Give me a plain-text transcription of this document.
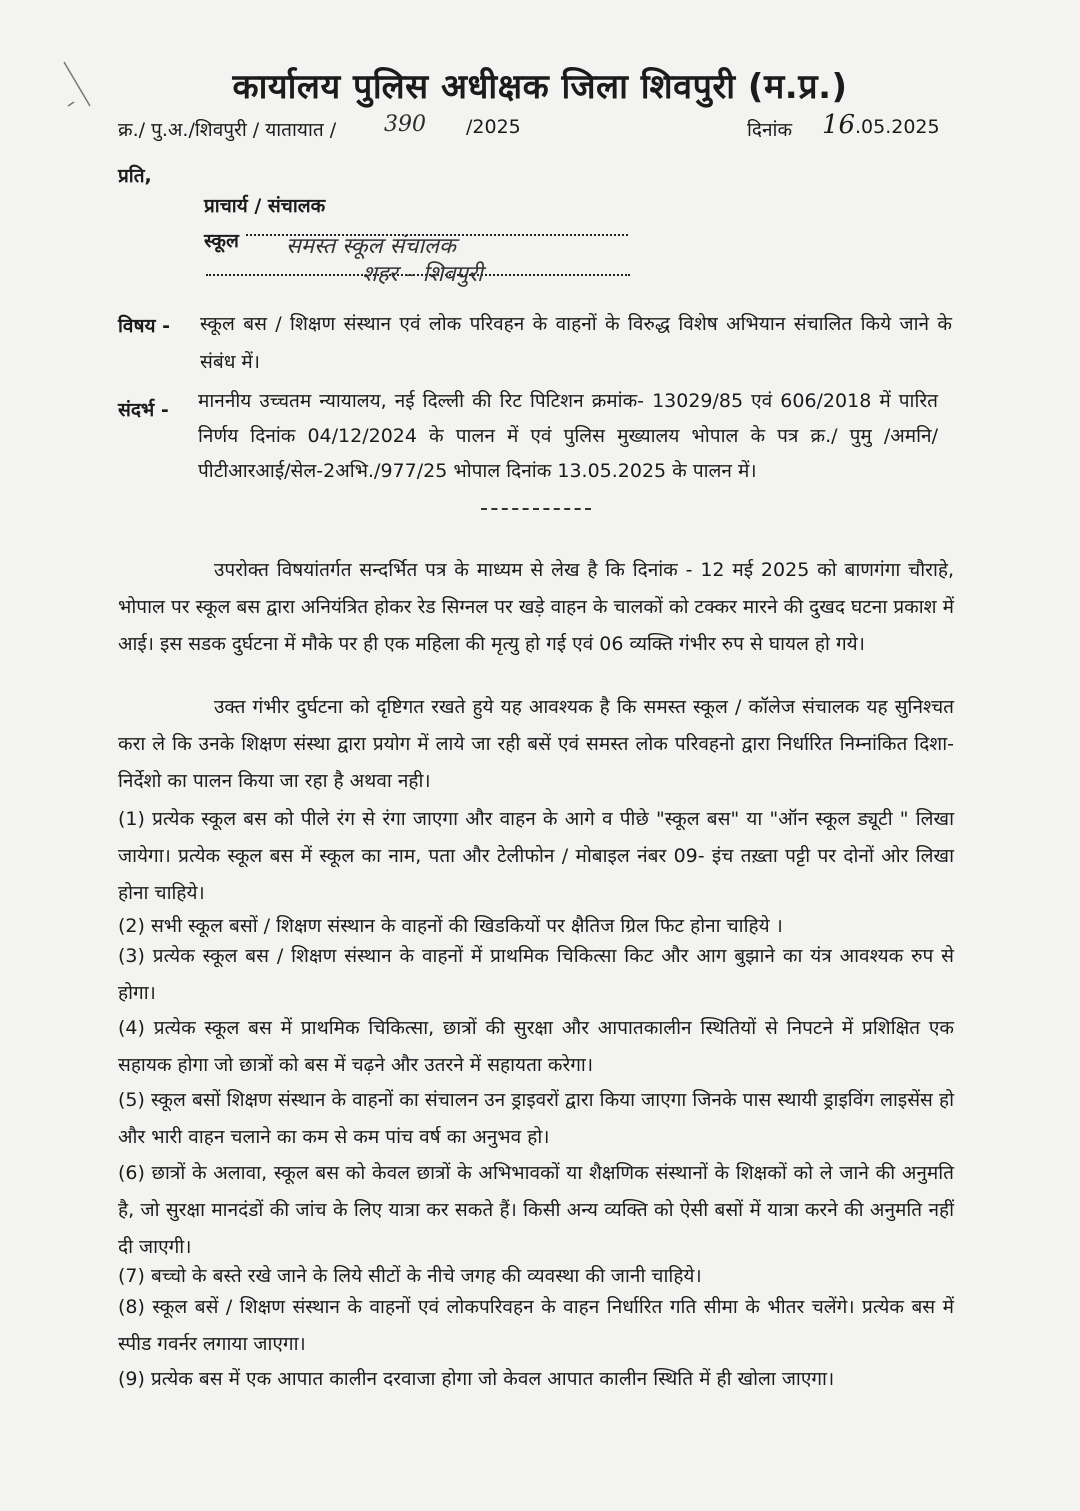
कार्यालय पुलिस अधीक्षक जिला शिवपुरी (म.प्र.)
क्र./ पु.अ./शिवपुरी / यातायात / 390 /2025	दिनांक 16 .05.2025
प्रति,
प्राचार्य / संचालक
स्कूल समस्त स्कूल संचालक
शहर – शिवपुरी
विषय - स्कूल बस / शिक्षण संस्थान एवं लोक परिवहन के वाहनों के विरुद्ध विशेष अभियान संचालित किये जाने के संबंध में।
संदर्भ - माननीय उच्चतम न्यायालय, नई दिल्ली की रिट पिटिशन क्रमांक- 13029/85 एवं 606/2018 में पारित निर्णय दिनांक 04/12/2024 के पालन में एवं पुलिस मुख्यालय भोपाल के पत्र क्र./ पुमु /अमनि/ पीटीआरआई/सेल-2अभि./977/25 भोपाल दिनांक 13.05.2025 के पालन में।
उपरोक्त विषयांतर्गत सन्दर्भित पत्र के माध्यम से लेख है कि दिनांक - 12 मई 2025 को बाणगंगा चौराहे, भोपाल पर स्कूल बस द्वारा अनियंत्रित होकर रेड सिग्नल पर खड़े वाहन के चालकों को टक्कर मारने की दुखद घटना प्रकाश में आई। इस सडक दुर्घटना में मौके पर ही एक महिला की मृत्यु हो गई एवं 06 व्यक्ति गंभीर रुप से घायल हो गये।
उक्त गंभीर दुर्घटना को दृष्टिगत रखते हुये यह आवश्यक है कि समस्त स्कूल / कॉलेज संचालक यह सुनिश्चत करा ले कि उनके शिक्षण संस्था द्वारा प्रयोग में लाये जा रही बसें एवं समस्त लोक परिवहनो द्वारा निर्धारित निम्नांकित दिशा-निर्देशो का पालन किया जा रहा है अथवा नही।
(1) प्रत्येक स्कूल बस को पीले रंग से रंगा जाएगा और वाहन के आगे व पीछे "स्कूल बस" या "ऑन स्कूल ड्यूटी " लिखा जायेगा। प्रत्येक स्कूल बस में स्कूल का नाम, पता और टेलीफोन / मोबाइल नंबर 09- इंच तख़्ता पट्टी पर दोनों ओर लिखा होना चाहिये।
(2) सभी स्कूल बसों / शिक्षण संस्थान के वाहनों की खिडकियों पर क्षैतिज ग्रिल फिट होना चाहिये ।
(3) प्रत्येक स्कूल बस / शिक्षण संस्थान के वाहनों में प्राथमिक चिकित्सा किट और आग बुझाने का यंत्र आवश्यक रुप से होगा।
(4) प्रत्येक स्कूल बस में प्राथमिक चिकित्सा, छात्रों की सुरक्षा और आपातकालीन स्थितियों से निपटने में प्रशिक्षित एक सहायक होगा जो छात्रों को बस में चढ़ने और उतरने में सहायता करेगा।
(5) स्कूल बसों शिक्षण संस्थान के वाहनों का संचालन उन ड्राइवरों द्वारा किया जाएगा जिनके पास स्थायी ड्राइविंग लाइसेंस हो और भारी वाहन चलाने का कम से कम पांच वर्ष का अनुभव हो।
(6) छात्रों के अलावा, स्कूल बस को केवल छात्रों के अभिभावकों या शैक्षणिक संस्थानों के शिक्षकों को ले जाने की अनुमति है, जो सुरक्षा मानदंडों की जांच के लिए यात्रा कर सकते हैं। किसी अन्य व्यक्ति को ऐसी बसों में यात्रा करने की अनुमति नहीं दी जाएगी।
(7) बच्चो के बस्ते रखे जाने के लिये सीटों के नीचे जगह की व्यवस्था की जानी चाहिये।
(8) स्कूल बसें / शिक्षण संस्थान के वाहनों एवं लोकपरिवहन के वाहन निर्धारित गति सीमा के भीतर चलेंगे। प्रत्येक बस में स्पीड गवर्नर लगाया जाएगा।
(9) प्रत्येक बस में एक आपात कालीन दरवाजा होगा जो केवल आपात कालीन स्थिति में ही खोला जाएगा।
